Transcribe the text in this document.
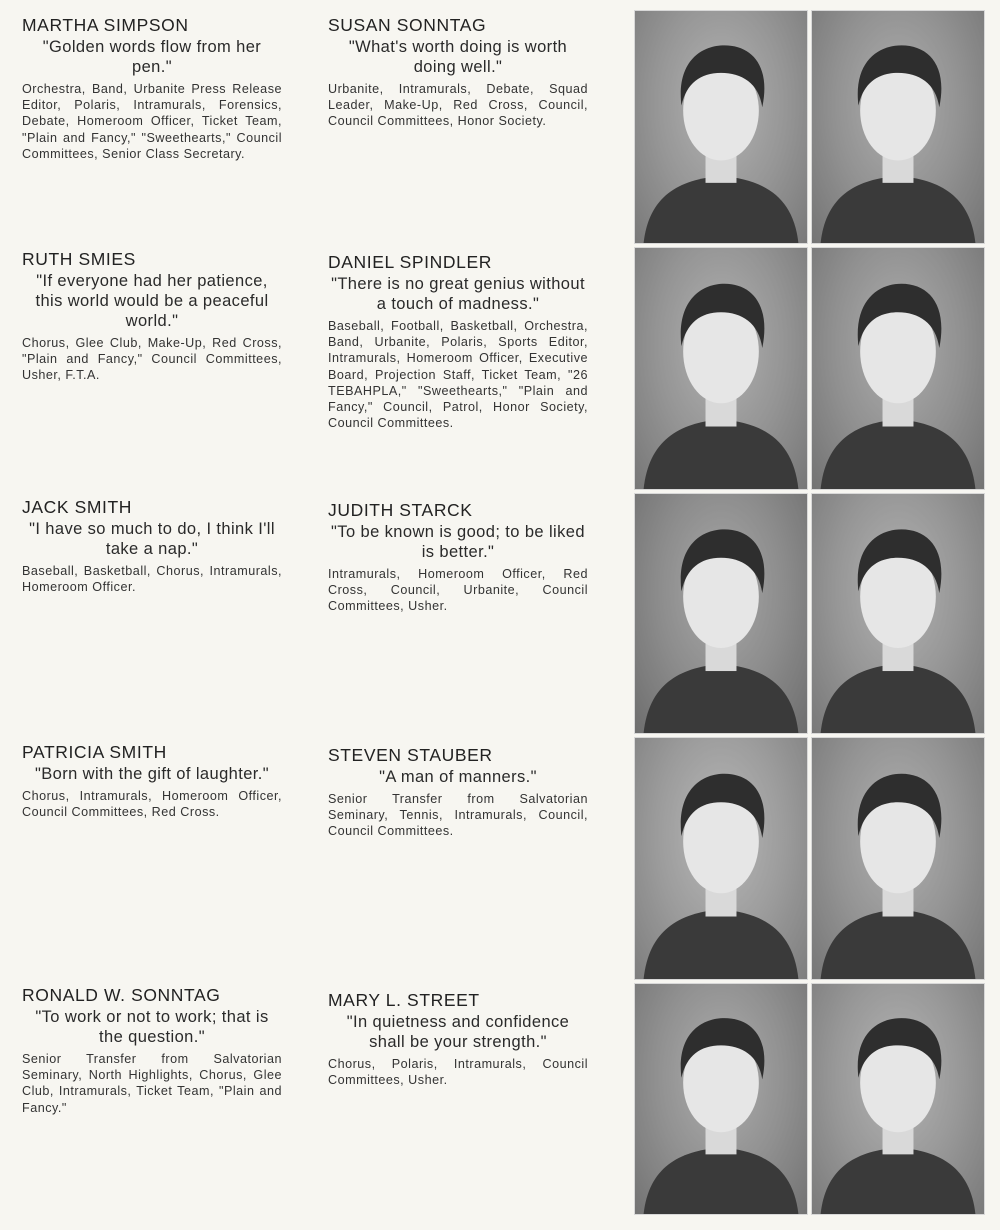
MARTHA SIMPSON

"Golden words flow from her pen."

Orchestra, Band, Urbanite Press Release Editor, Polaris, Intramurals, Forensics, Debate, Homeroom Officer, Ticket Team, "Plain and Fancy," "Sweethearts," Council Committees, Senior Class Secretary.

RUTH SMIES

"If everyone had her patience, this world would be a peaceful world."

Chorus, Glee Club, Make-Up, Red Cross, "Plain and Fancy," Council Committees, Usher, F.T.A.

JACK SMITH

"I have so much to do, I think I'll take a nap."

Baseball, Basketball, Chorus, Intramurals, Homeroom Officer.

PATRICIA SMITH

"Born with the gift of laughter."

Chorus, Intramurals, Homeroom Officer, Council Committees, Red Cross.

RONALD W. SONNTAG

"To work or not to work; that is the question."

Senior Transfer from Salvatorian Seminary, North Highlights, Chorus, Glee Club, Intramurals, Ticket Team, "Plain and Fancy."

SUSAN SONNTAG

"What's worth doing is worth doing well."

Urbanite, Intramurals, Debate, Squad Leader, Make-Up, Red Cross, Council, Council Committees, Honor Society.

DANIEL SPINDLER

"There is no great genius without a touch of madness."

Baseball, Football, Basketball, Orchestra, Band, Urbanite, Polaris, Sports Editor, Intramurals, Homeroom Officer, Executive Board, Projection Staff, Ticket Team, "26 TEBAHPLA," "Sweethearts," "Plain and Fancy," Council, Patrol, Honor Society, Council Committees.

JUDITH STARCK

"To be known is good; to be liked is better."

Intramurals, Homeroom Officer, Red Cross, Council, Urbanite, Council Committees, Usher.

STEVEN STAUBER

"A man of manners."

Senior Transfer from Salvatorian Seminary, Tennis, Intramurals, Council, Council Committees.

MARY L. STREET

"In quietness and confidence shall be your strength."

Chorus, Polaris, Intramurals, Council Committees, Usher.
